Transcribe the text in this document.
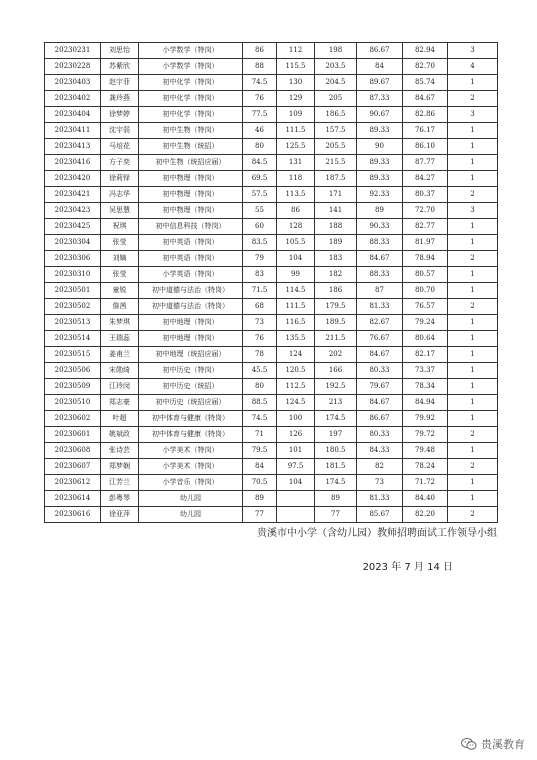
20230231	刘思怡	小学数学（特岗）	86	112	198	86.67	82.94	3
20230228	苏紫欣	小学数学（特岗）	88	115.5	203.5	84	82.70	4
20230403	赵宇菲	初中化学（特岗）	74.5	130	204.5	89.67	85.74	1
20230402	龚玲燕	初中化学（特岗）	76	129	205	87.33	84.67	2
20230404	徐梦婷	初中化学（特岗）	77.5	109	186.5	90.67	82.86	3
20230411	沈宇弱	初中生物（特岗）	46	111.5	157.5	89.33	76.17	1
20230413	马培花	初中生物（统招）	80	125.5	205.5	90	86.10	1
20230416	方子奕	初中生物（统招应届）	84.5	131	215.5	89.33	87.77	1
20230420	徐莉铎	初中物理（特岗）	69.5	118	187.5	89.33	84.27	1
20230421	冯志华	初中物理（特岗）	57.5	113.5	171	92.33	80.37	2
20230423	吴思慧	初中物理（特岗）	55	86	141	89	72.70	3
20230425	祝琪	初中信息科技（特岗）	60	128	188	90.33	82.77	1
20230304	张莹	初中英语（特岗）	83.5	105.5	189	88.33	81.97	1
20230306	刘嫡	初中英语（特岗）	79	104	183	84.67	78.94	2
20230310	张莹	小学英语（特岗）	83	99	182	88.33	80.57	1
20230501	童锐	初中道德与法治（特岗）	71.5	114.5	186	87	80.70	1
20230502	詹茜	初中道德与法治（特岗）	68	111.5	179.5	81.33	76.57	2
20230513	朱梦琪	初中地理（特岗）	73	116.5	189.5	82.67	79.24	1
20230514	王瑞蕊	初中地理（特岗）	76	135.5	211.5	76.67	80.64	1
20230515	姜甫兰	初中地理（统招应届）	78	124	202	84.67	82.17	1
20230506	宋勋绮	初中历史（特岗）	45.5	120.5	166	80.33	73.37	1
20230509	江玲闵	初中历史（统招）	80	112.5	192.5	79.67	78.34	1
20230510	郑志豪	初中历史（统招应届）	88.5	124.5	213	84.67	84.94	1
20230602	叶超	初中体育与健康（特岗）	74.5	100	174.5	86.67	79.92	1
20230601	姚斌政	初中体育与健康（特岗）	71	126	197	80.33	79.72	2
20230608	张诗芸	小学美术（特岗）	79.5	101	180.5	84.33	79.48	1
20230607	郑梦娴	小学美术（特岗）	84	97.5	181.5	82	78.24	2
20230612	江芳兰	小学音乐（特岗）	70.5	104	174.5	73	71.72	1
20230614	彭粤琴	幼儿园	89		89	81.33	84.40	1
20230616	徐亚萍	幼儿园	77		77	85.67	82.20	2
贵溪市中小学（含幼儿园）教师招聘面试工作领导小组
2023 年 7 月 14 日
贵溪教育
